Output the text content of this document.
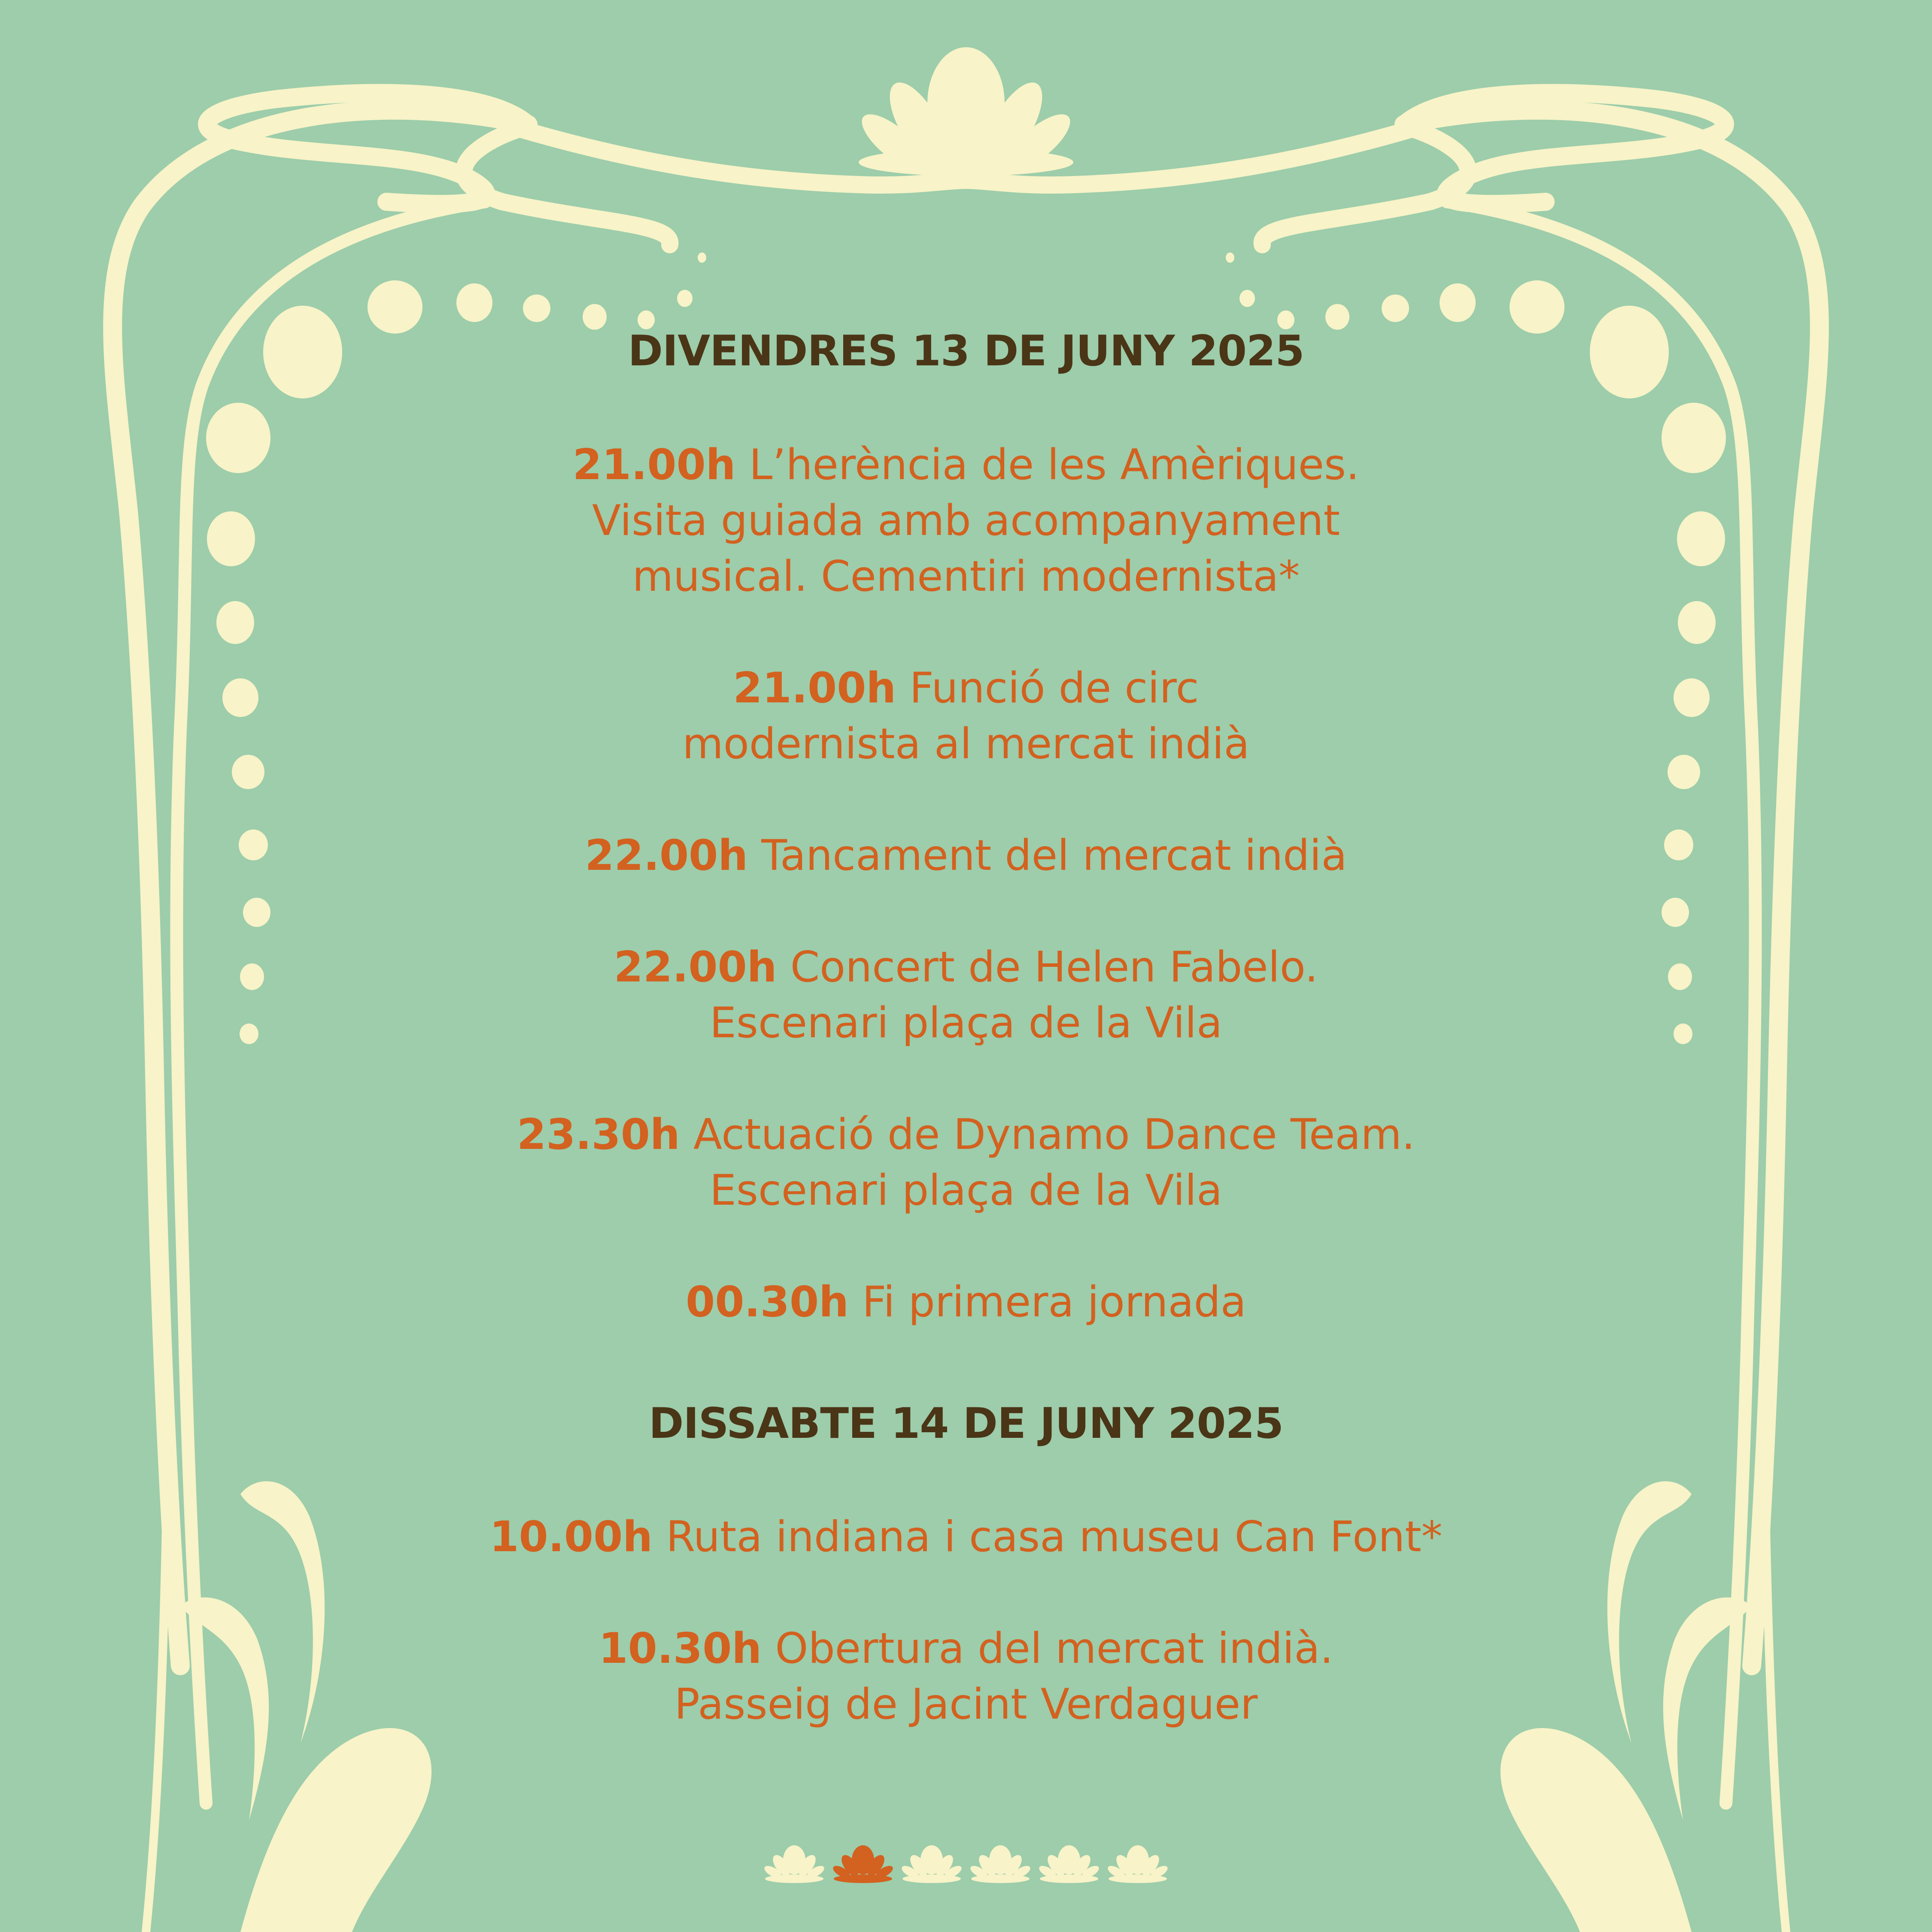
DIVENDRES 13 DE JUNY 2025
21.00h L’herència de les Amèriques.
Visita guiada amb acompanyament
musical. Cementiri modernista*
21.00h Funció de circ
modernista al mercat indià
22.00h Tancament del mercat indià
22.00h Concert de Helen Fabelo.
Escenari plaça de la Vila
23.30h Actuació de Dynamo Dance Team.
Escenari plaça de la Vila
00.30h Fi primera jornada
DISSABTE 14 DE JUNY 2025
10.00h Ruta indiana i casa museu Can Font*
10.30h Obertura del mercat indià.
Passeig de Jacint Verdaguer
